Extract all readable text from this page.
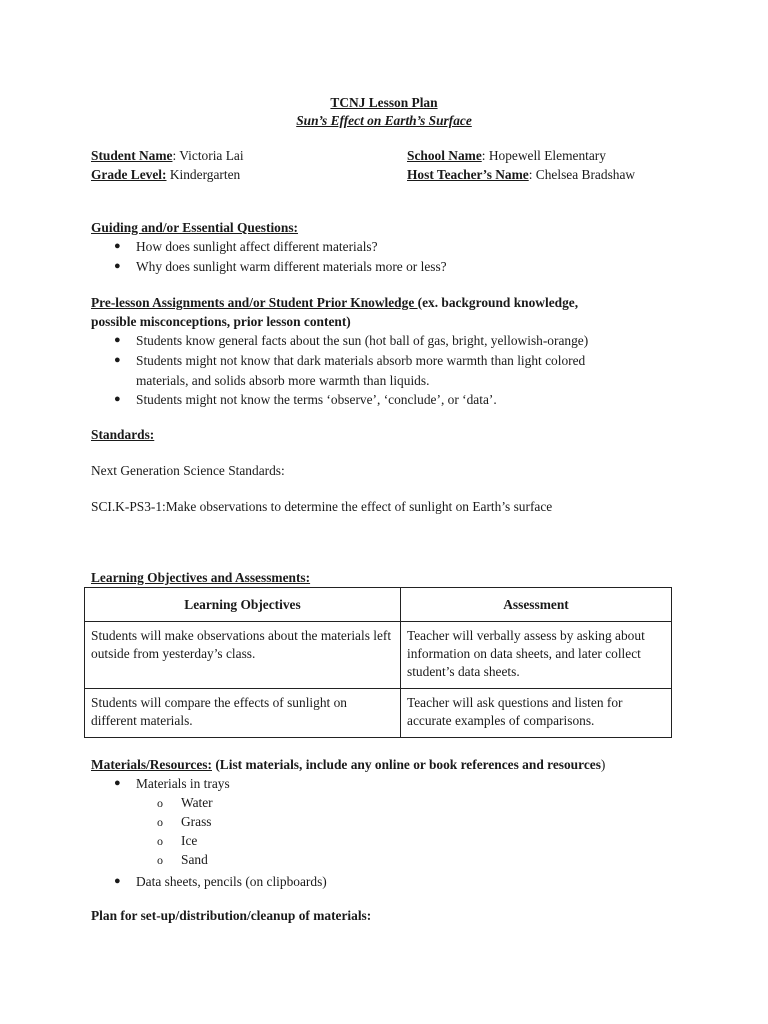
TCNJ Lesson Plan
Sun’s Effect on Earth’s Surface
Student Name: Victoria Lai
Grade Level: Kindergarten
School Name: Hopewell Elementary
Host Teacher’s Name: Chelsea Bradshaw
Guiding and/or Essential Questions:
● How does sunlight affect different materials?
● Why does sunlight warm different materials more or less?
Pre-lesson Assignments and/or Student Prior Knowledge (ex. background knowledge,
possible misconceptions, prior lesson content)
● Students know general facts about the sun (hot ball of gas, bright, yellowish-orange)
● Students might not know that dark materials absorb more warmth than light colored
materials, and solids absorb more warmth than liquids.
● Students might not know the terms ‘observe’, ‘conclude’, or ‘data’.
Standards:
Next Generation Science Standards:
SCI.K-PS3-1:Make observations to determine the effect of sunlight on Earth’s surface
Learning Objectives and Assessments:
Learning Objectives	Assessment
Students will make observations about the materials left outside from yesterday’s class.	Teacher will verbally assess by asking about information on data sheets, and later collect student’s data sheets.
Students will compare the effects of sunlight on different materials.	Teacher will ask questions and listen for accurate examples of comparisons.
Materials/Resources: (List materials, include any online or book references and resources)
● Materials in trays
o Water
o Grass
o Ice
o Sand
● Data sheets, pencils (on clipboards)
Plan for set-up/distribution/cleanup of materials:
